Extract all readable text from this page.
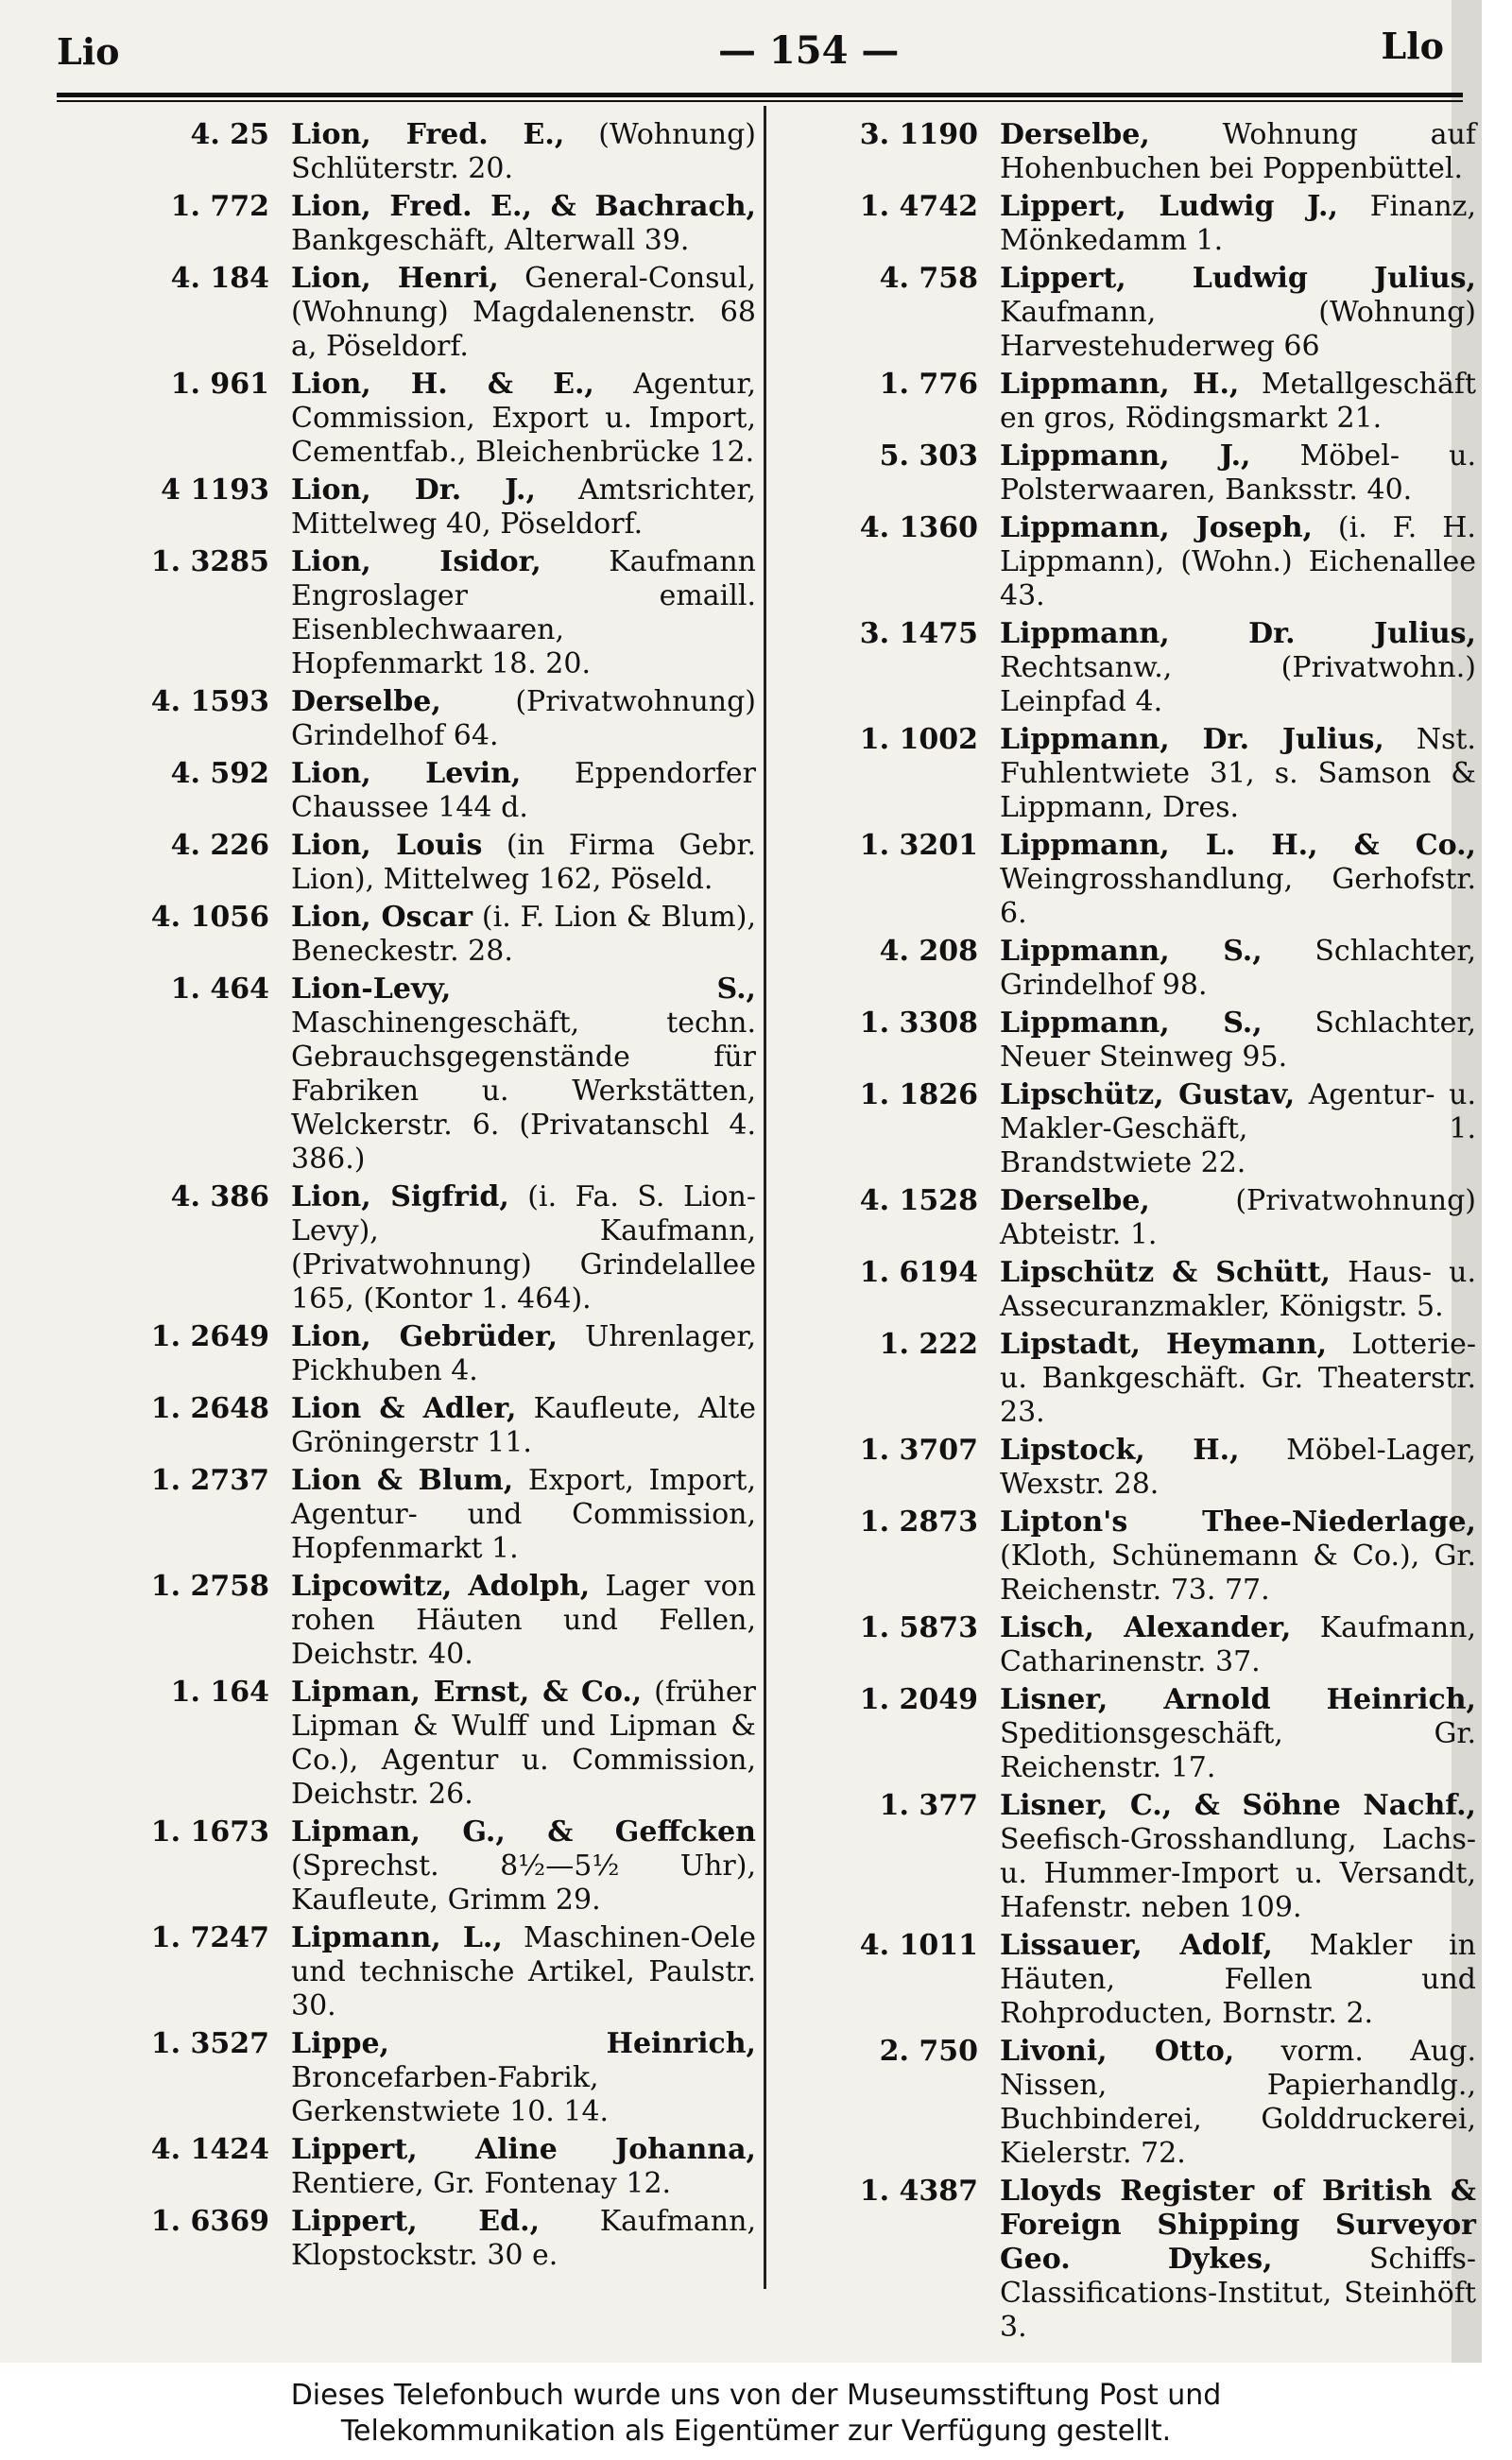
Lio	— 154 —	Llo
4. 25 Lion, Fred. E., (Wohnung) Schlüterstr. 20.
1. 772 Lion, Fred. E., & Bachrach, Bankgeschäft, Alterwall 39.
4. 184 Lion, Henri, General-Consul, (Wohnung) Magdalenenstr. 68 a, Pöseldorf.
1. 961 Lion, H. & E., Agentur, Commission, Export u. Import, Cementfab., Bleichenbrücke 12.
4 1193 Lion, Dr. J., Amtsrichter, Mittelweg 40, Pöseldorf.
1. 3285 Lion, Isidor, Kaufmann Engroslager emaill. Eisenblechwaaren, Hopfenmarkt 18. 20.
4. 1593 Derselbe,	(Privatwohnung) Grindelhof 64.
4. 592 Lion, Levin, Eppendorfer Chaussee 144 d.
4. 226 Lion, Louis (in Firma Gebr. Lion), Mittelweg 162, Pöseld.
4. 1056 Lion, Oscar (i. F. Lion & Blum), Beneckestr. 28.
1. 464 Lion-Levy, S., Maschinengeschäft, techn. Gebrauchsgegenstände für Fabriken u. Werkstätten, Welckerstr. 6. (Privatanschl 4. 386.)
4. 386 Lion, Sigfrid, (i. Fa. S. Lion-Levy), Kaufmann, (Privatwohnung) Grindelallee 165, (Kontor 1. 464).
1. 2649 Lion, Gebrüder, Uhrenlager, Pickhuben 4.
1. 2648 Lion & Adler, Kaufleute, Alte Gröningerstr 11.
1. 2737 Lion & Blum, Export, Import, Agentur- und Commission, Hopfenmarkt 1.
1. 2758 Lipcowitz, Adolph, Lager von rohen Häuten und Fellen, Deichstr. 40.
1. 164 Lipman, Ernst, & Co., (früher Lipman & Wulff und Lipman & Co.), Agentur u. Commission, Deichstr. 26.
1. 1673 Lipman, G., & Geffcken (Sprechst. 8½—5½ Uhr), Kaufleute, Grimm 29.
1. 7247 Lipmann, L., Maschinen-Oele und technische Artikel, Paulstr. 30.
1. 3527 Lippe, Heinrich, Broncefarben-Fabrik, Gerkenstwiete 10. 14.
4. 1424 Lippert, Aline Johanna, Rentiere, Gr. Fontenay 12.
1. 6369 Lippert, Ed., Kaufmann, Klopstockstr. 30 e.
3. 1190 Derselbe,	Wohnung auf Hohenbuchen bei Poppenbüttel.
1. 4742 Lippert, Ludwig J., Finanz, Mönkedamm 1.
4. 758 Lippert, Ludwig Julius, Kaufmann, (Wohnung) Harvestehuderweg 66
1. 776 Lippmann, H., Metallgeschäft en gros, Rödingsmarkt 21.
5. 303 Lippmann, J., Möbel- u. Polsterwaaren, Banksstr. 40.
4. 1360 Lippmann, Joseph, (i. F. H. Lippmann), (Wohn.) Eichenallee 43.
3. 1475 Lippmann, Dr. Julius, Rechtsanw., (Privatwohn.) Leinpfad 4.
1. 1002 Lippmann, Dr. Julius, Nst. Fuhlentwiete 31, s. Samson & Lippmann, Dres.
1. 3201 Lippmann, L. H., & Co., Weingrosshandlung, Gerhofstr. 6.
4. 208 Lippmann, S., Schlachter, Grindelhof 98.
1. 3308 Lippmann, S., Schlachter, Neuer Steinweg 95.
1. 1826 Lipschütz, Gustav, Agentur- u. Makler-Geschäft, 1. Brandstwiete 22.
4. 1528 Derselbe,	(Privatwohnung) Abteistr. 1.
1. 6194 Lipschütz & Schütt, Haus- u. Assecuranzmakler, Königstr. 5.
1. 222 Lipstadt, Heymann, Lotterie- u. Bankgeschäft. Gr. Theaterstr. 23.
1. 3707 Lipstock, H., Möbel-Lager, Wexstr. 28.
1. 2873 Lipton's Thee-Niederlage, (Kloth, Schünemann & Co.), Gr. Reichenstr. 73. 77.
1. 5873 Lisch, Alexander, Kaufmann, Catharinenstr. 37.
1. 2049 Lisner, Arnold Heinrich, Speditionsgeschäft, Gr. Reichenstr. 17.
1. 377 Lisner, C., & Söhne Nachf., Seefisch-Grosshandlung, Lachs- u. Hummer-Import u. Versandt, Hafenstr. neben 109.
4. 1011 Lissauer, Adolf, Makler in Häuten, Fellen und Rohproducten, Bornstr. 2.
2. 750 Livoni, Otto, vorm. Aug. Nissen, Papierhandlg., Buchbinderei, Golddruckerei, Kielerstr. 72.
1. 4387 Lloyds Register of British & Foreign Shipping Surveyor Geo. Dykes,	Schiffs-Classifications-Institut, Steinhöft 3.

Dieses Telefonbuch wurde uns von der Museumsstiftung Post und

Telekommunikation als Eigentümer zur Verfügung gestellt.
